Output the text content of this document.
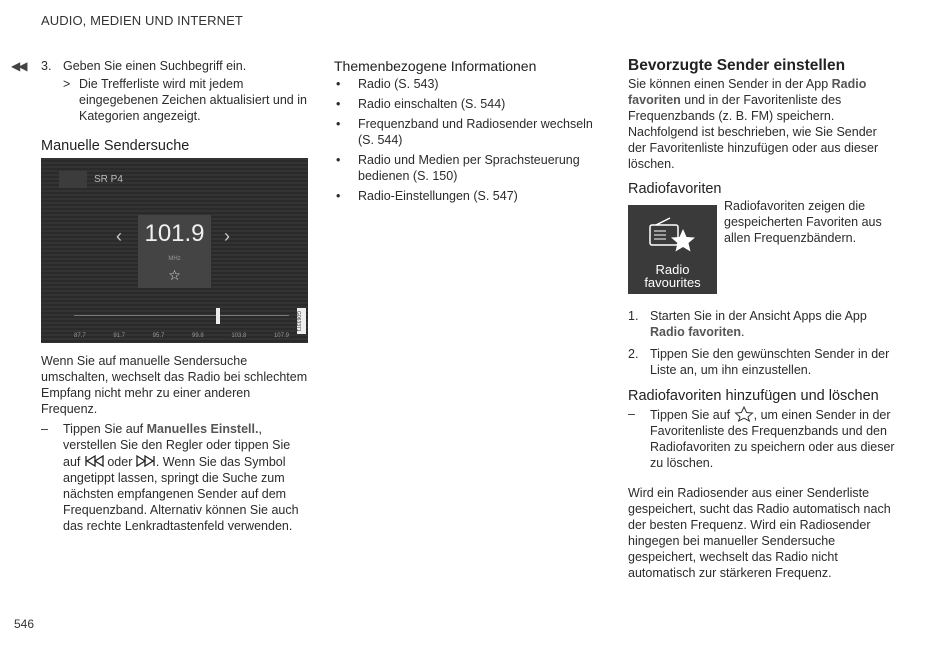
AUDIO, MEDIEN UND INTERNET
◀◀ 3. Geben Sie einen Suchbegriff ein.
> Die Trefferliste wird mit jedem eingegebenen Zeichen aktualisiert und in Kategorien angezeigt.
Manuelle Sendersuche
SR P4
‹	›
101.9
MHz
☆
87.7	91.7	95.7	99.8	103.8	107.9
G063371

Wenn Sie auf manuelle Sendersuche umschalten, wechselt das Radio bei schlechtem Empfang nicht mehr zu einer anderen Frequenz.

– Tippen Sie auf Manuelles Einstell., verstellen Sie den Regler oder tippen Sie auf  oder . Wenn Sie das Symbol angetippt lassen, springt die Suche zum nächsten empfangenen Sender auf dem Frequenzband. Alternativ können Sie auch das rechte Lenkradtastenfeld verwenden.
Themenbezogene Informationen
• Radio (S. 543)
• Radio einschalten (S. 544)
• Frequenzband und Radiosender wechseln (S. 544)
• Radio und Medien per Sprachsteuerung bedienen (S. 150)
• Radio-Einstellungen (S. 547)
Bevorzugte Sender einstellen

Sie können einen Sender in der App Radio favoriten und in der Favoritenliste des Frequenzbands (z. B. FM) speichern. Nachfolgend ist beschrieben, wie Sie Sender der Favoritenliste hinzufügen oder aus dieser löschen.

Radiofavoriten
Radio
favourites

Radiofavoriten zeigen die gespeicherten Favoriten aus allen Frequenzbändern.

1. Starten Sie in der Ansicht Apps die App Radio favoriten.
2. Tippen Sie den gewünschten Sender in der Liste an, um ihn einzustellen.
Radiofavoriten hinzufügen und löschen
– Tippen Sie auf , um einen Sender in der Favoritenliste des Frequenzbands und den Radiofavoriten zu speichern oder aus dieser zu löschen.

Wird ein Radiosender aus einer Senderliste gespeichert, sucht das Radio automatisch nach der besten Frequenz. Wird ein Radiosender hingegen bei manueller Sendersuche gespeichert, wechselt das Radio nicht automatisch zur stärkeren Frequenz.

546
